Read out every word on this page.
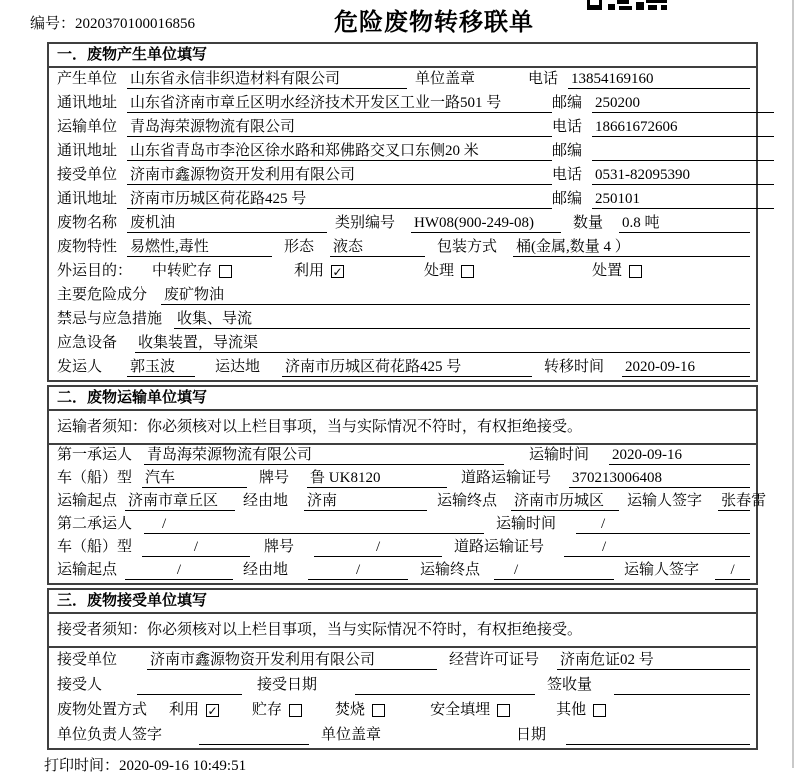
编号：2020370100016856	危险废物转移联单
一．废物产生单位填写
产生单位 山东省永信非织造材料有限公司	单位盖章	电话 13854169160
通讯地址 山东省济南市章丘区明水经济技术开发区工业一路501 号	邮编 250200
运输单位 青岛海荣源物流有限公司	电话 18661672606
通讯地址 山东省青岛市李沧区徐水路和郑佛路交叉口东侧20 米	邮编
接受单位 济南市鑫源物资开发利用有限公司	电话 0531-82095390
通讯地址 济南市历城区荷花路425 号	邮编 250101
废物名称 废机油	类别编号 HW08(900-249-08)	数量 0.8 吨
废物特性 易燃性,毒性	形态 液态	包装方式 桶(金属,数量 4 ）
外运目的： 中转贮存	利用 ✓	处理	处置
主要危险成分 废矿物油
禁忌与应急措施 收集、导流
应急设备 收集装置，导流渠
发运人 郭玉波	运达地 济南市历城区荷花路425 号	转移时间 2020-09-16
二．废物运输单位填写
运输者须知：你必须核对以上栏目事项，当与实际情况不符时，有权拒绝接受。
第一承运人 青岛海荣源物流有限公司	运输时间 2020-09-16
车（船）型 汽车	牌号 鲁 UK8120	道路运输证号 370213006408
运输起点 济南市章丘区	经由地 济南	运输终点 济南市历城区	运输人签字 张春雷
第二承运人	/	运输时间	/
车（船）型	/	牌号	/	道路运输证号	/
运输起点	/	经由地	/	运输终点	/	运输人签字	/
三．废物接受单位填写
接受者须知：你必须核对以上栏目事项，当与实际情况不符时，有权拒绝接受。
接受单位 济南市鑫源物资开发利用有限公司	经营许可证号 济南危证02 号
接受人	接受日期	签收量
废物处置方式 利用 ✓ 贮存	焚烧	安全填埋	其他
单位负责人签字	单位盖章	日期
打印时间：2020-09-16 10:49:51
